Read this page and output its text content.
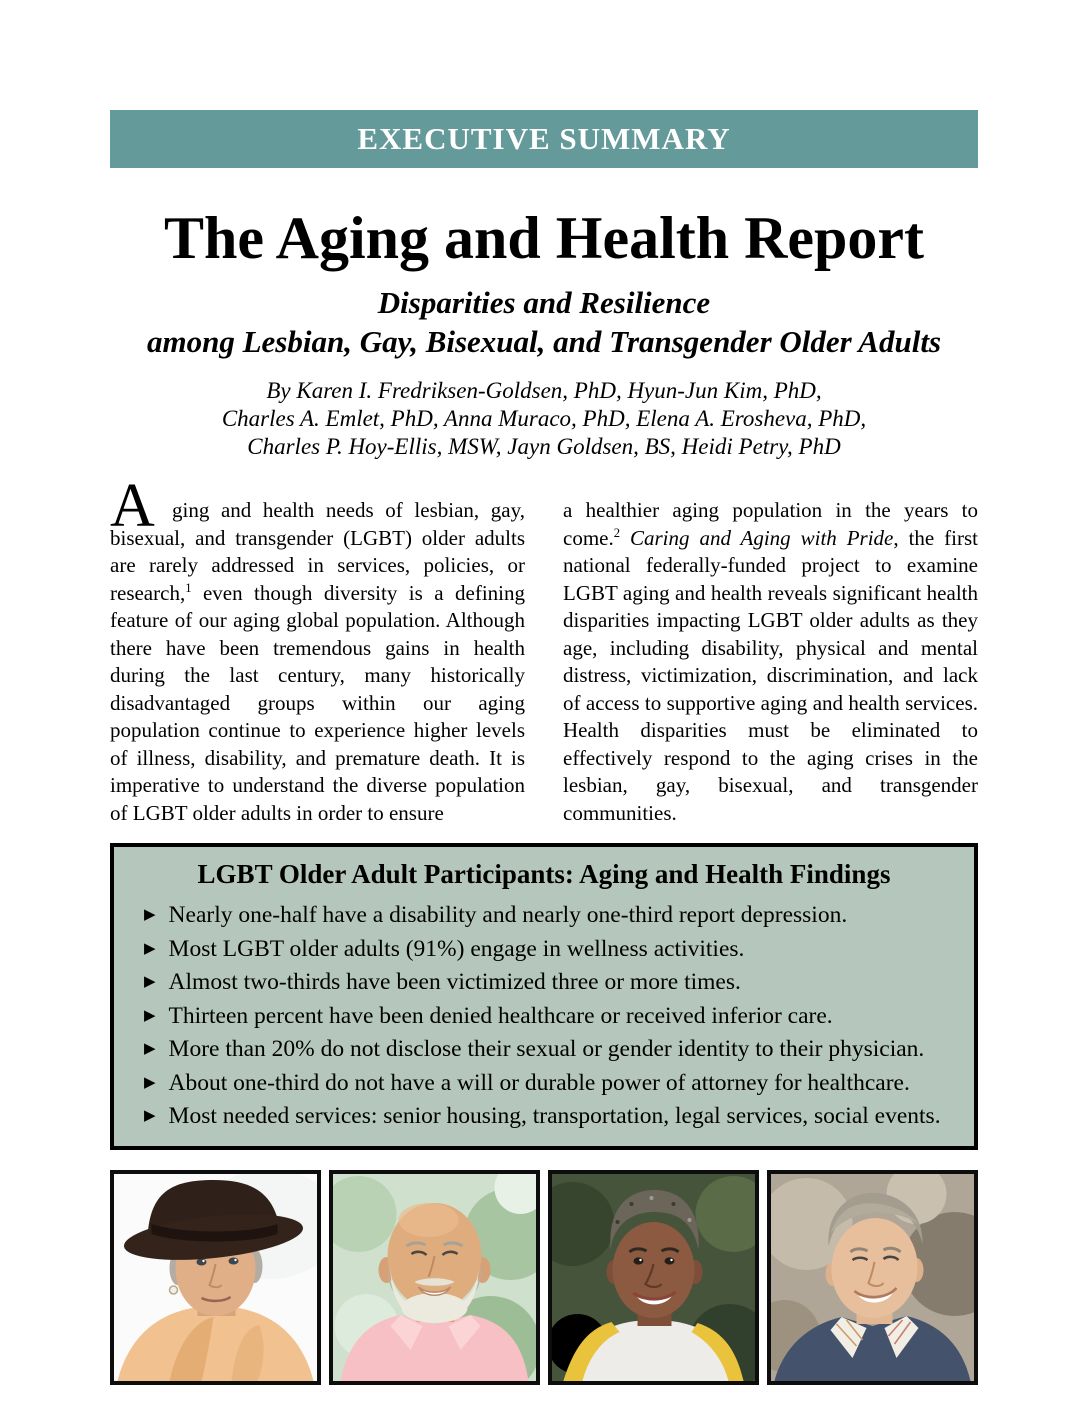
EXECUTIVE SUMMARY
The Aging and Health Report
Disparities and Resilience
among Lesbian, Gay, Bisexual, and Transgender Older Adults
By Karen I. Fredriksen-Goldsen, PhD, Hyun-Jun Kim, PhD,
Charles A. Emlet, PhD, Anna Muraco, PhD, Elena A. Erosheva, PhD,
Charles P. Hoy-Ellis, MSW, Jayn Goldsen, BS, Heidi Petry, PhD

A ging and health needs of lesbian, gay, bisexual, and transgender (LGBT) older adults are rarely addressed in services, policies, or research,$^1$ even though diversity is a defining feature of our aging global population. Although there have been tremendous gains in health during the last century, many historically disadvantaged groups within our aging population continue to experience higher levels of illness, disability, and premature death. It is imperative to understand the diverse population of LGBT older adults in order to ensure

a healthier aging population in the years to come.$^2$ Caring and Aging with Pride, the first national federally-funded project to examine LGBT aging and health reveals significant health disparities impacting LGBT older adults as they age, including disability, physical and mental distress, victimization, discrimination, and lack of access to supportive aging and health services. Health disparities must be eliminated to effectively respond to the aging crises in the lesbian, gay, bisexual, and transgender communities.

LGBT Older Adult Participants: Aging and Health Findings
▶ Nearly one-half have a disability and nearly one-third report depression.
▶ Most LGBT older adults (91%) engage in wellness activities.
▶ Almost two-thirds have been victimized three or more times.
▶ Thirteen percent have been denied healthcare or received inferior care.
▶ More than 20% do not disclose their sexual or gender identity to their physician.
▶ About one-third do not have a will or durable power of attorney for healthcare.
▶ Most needed services: senior housing, transportation, legal services, social events.
